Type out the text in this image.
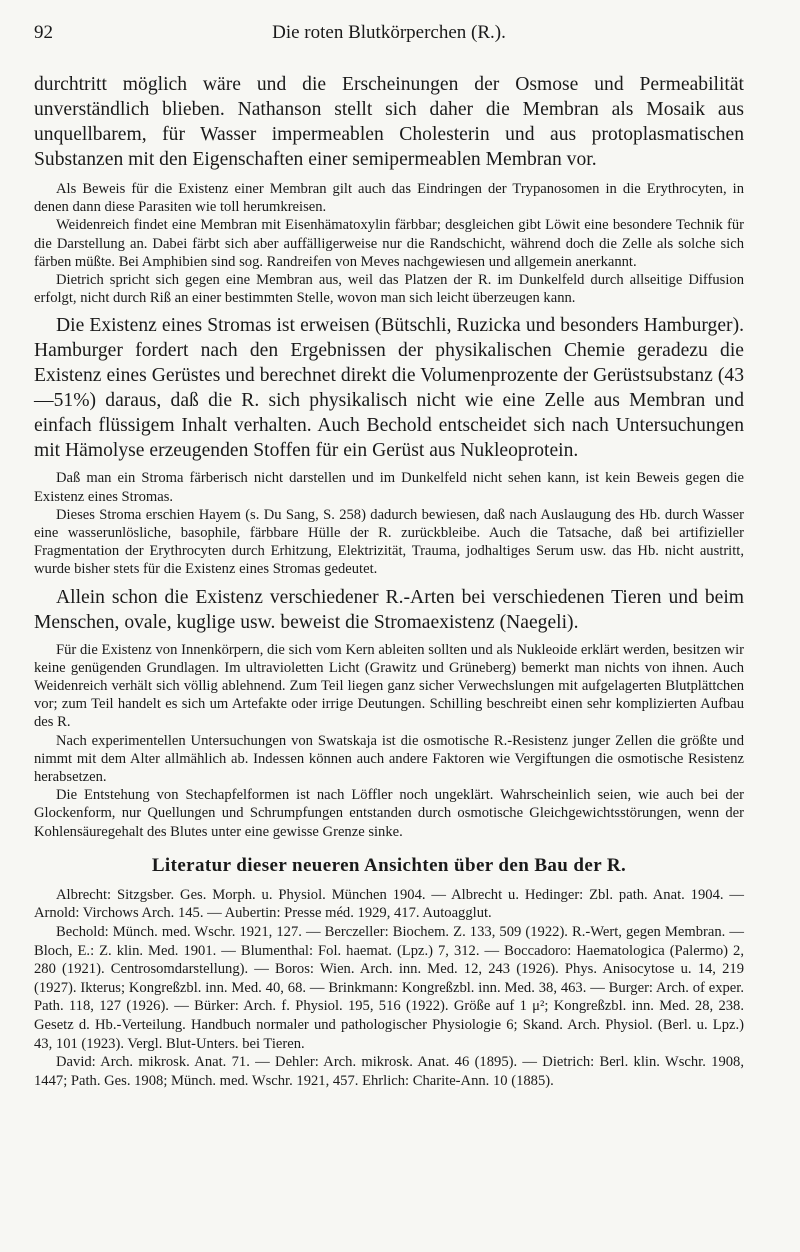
92	Die roten Blutkörperchen (R.).

durchtritt möglich wäre und die Erscheinungen der Osmose und Permeabilität unverständlich blieben. Nathanson stellt sich daher die Membran als Mosaik aus unquellbarem, für Wasser impermeablen Cholesterin und aus protoplasmatischen Substanzen mit den Eigenschaften einer semipermeablen Membran vor.

Als Beweis für die Existenz einer Membran gilt auch das Eindringen der Trypanosomen in die Erythrocyten, in denen dann diese Parasiten wie toll herumkreisen.

Weidenreich findet eine Membran mit Eisenhämatoxylin färbbar; desgleichen gibt Löwit eine besondere Technik für die Darstellung an. Dabei färbt sich aber auffälligerweise nur die Randschicht, während doch die Zelle als solche sich färben müßte. Bei Amphibien sind sog. Randreifen von Meves nachgewiesen und allgemein anerkannt.

Dietrich spricht sich gegen eine Membran aus, weil das Platzen der R. im Dunkelfeld durch allseitige Diffusion erfolgt, nicht durch Riß an einer bestimmten Stelle, wovon man sich leicht überzeugen kann.

Die Existenz eines Stromas ist erweisen (Bütschli, Ruzicka und besonders Hamburger). Hamburger fordert nach den Ergebnissen der physikalischen Chemie geradezu die Existenz eines Gerüstes und berechnet direkt die Volumenprozente der Gerüstsubstanz (43—51%) daraus, daß die R. sich physikalisch nicht wie eine Zelle aus Membran und einfach flüssigem Inhalt verhalten. Auch Bechold entscheidet sich nach Untersuchungen mit Hämolyse erzeugenden Stoffen für ein Gerüst aus Nukleoprotein.

Daß man ein Stroma färberisch nicht darstellen und im Dunkelfeld nicht sehen kann, ist kein Beweis gegen die Existenz eines Stromas.

Dieses Stroma erschien Hayem (s. Du Sang, S. 258) dadurch bewiesen, daß nach Auslaugung des Hb. durch Wasser eine wasserunlösliche, basophile, färbbare Hülle der R. zurückbleibe. Auch die Tatsache, daß bei artifizieller Fragmentation der Erythrocyten durch Erhitzung, Elektrizität, Trauma, jodhaltiges Serum usw. das Hb. nicht austritt, wurde bisher stets für die Existenz eines Stromas gedeutet.

Allein schon die Existenz verschiedener R.-Arten bei verschiedenen Tieren und beim Menschen, ovale, kuglige usw. beweist die Stromaexistenz (Naegeli).

Für die Existenz von Innenkörpern, die sich vom Kern ableiten sollten und als Nukleoide erklärt werden, besitzen wir keine genügenden Grundlagen. Im ultravioletten Licht (Grawitz und Grüneberg) bemerkt man nichts von ihnen. Auch Weidenreich verhält sich völlig ablehnend. Zum Teil liegen ganz sicher Verwechslungen mit aufgelagerten Blutplättchen vor; zum Teil handelt es sich um Artefakte oder irrige Deutungen. Schilling beschreibt einen sehr komplizierten Aufbau des R.

Nach experimentellen Untersuchungen von Swatskaja ist die osmotische R.-Resistenz junger Zellen die größte und nimmt mit dem Alter allmählich ab. Indessen können auch andere Faktoren wie Vergiftungen die osmotische Resistenz herabsetzen.

Die Entstehung von Stechapfelformen ist nach Löffler noch ungeklärt. Wahrscheinlich seien, wie auch bei der Glockenform, nur Quellungen und Schrumpfungen entstanden durch osmotische Gleichgewichtsstörungen, wenn der Kohlensäuregehalt des Blutes unter eine gewisse Grenze sinke.

Literatur dieser neueren Ansichten über den Bau der R.

Albrecht: Sitzgsber. Ges. Morph. u. Physiol. München 1904. — Albrecht u. Hedinger: Zbl. path. Anat. 1904. — Arnold: Virchows Arch. 145. — Aubertin: Presse méd. 1929, 417. Autoagglut.

Bechold: Münch. med. Wschr. 1921, 127. — Berczeller: Biochem. Z. 133, 509 (1922). R.-Wert, gegen Membran. — Bloch, E.: Z. klin. Med. 1901. — Blumenthal: Fol. haemat. (Lpz.) 7, 312. — Boccadoro: Haematologica (Palermo) 2, 280 (1921). Centrosomdarstellung). — Boros: Wien. Arch. inn. Med. 12, 243 (1926). Phys. Anisocytose u. 14, 219 (1927). Ikterus; Kongreßzbl. inn. Med. 40, 68. — Brinkmann: Kongreßzbl. inn. Med. 38, 463. — Burger: Arch. of exper. Path. 118, 127 (1926). — Bürker: Arch. f. Physiol. 195, 516 (1922). Größe auf 1 μ²; Kongreßzbl. inn. Med. 28, 238. Gesetz d. Hb.-Verteilung. Handbuch normaler und pathologischer Physiologie 6; Skand. Arch. Physiol. (Berl. u. Lpz.) 43, 101 (1923). Vergl. Blut-Unters. bei Tieren.

David: Arch. mikrosk. Anat. 71. — Dehler: Arch. mikrosk. Anat. 46 (1895). — Dietrich: Berl. klin. Wschr. 1908, 1447; Path. Ges. 1908; Münch. med. Wschr. 1921, 457. Ehrlich: Charite-Ann. 10 (1885).
